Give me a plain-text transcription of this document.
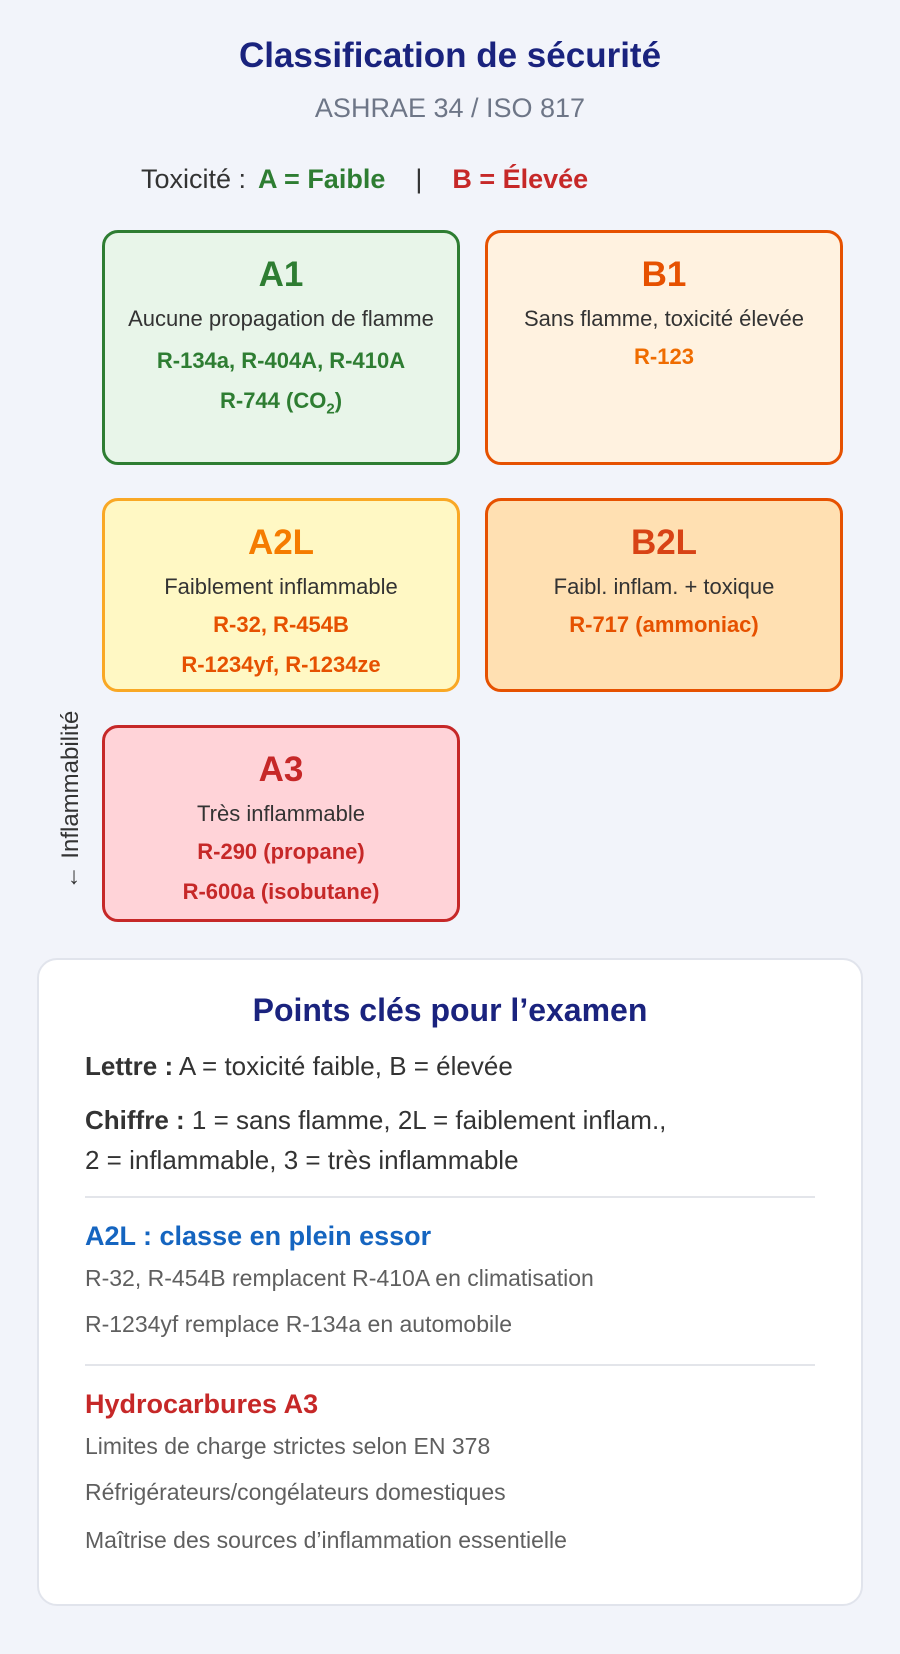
Classification de sécurité
ASHRAE 34 / ISO 817
Toxicité : A = Faible | B = Élevée
A1
Aucune propagation de flamme
R-134a, R-404A, R-410A
R-744 $(CO_2)$
B1
Sans flamme, toxicité élevée
R-123
A2L
Faiblement inflammable
R-32, R-454B
R-1234yf, R-1234ze
B2L
Faibl. inflam. + toxique
R-717 (ammoniac)
A3
Très inflammable
R-290 (propane)
R-600a (isobutane)
← Inflammabilité
Points clés pour l’examen
Lettre : A = toxicité faible, B = élevée
Chiffre : 1 = sans flamme, 2L = faiblement inflam.,
2 = inflammable, 3 = très inflammable
A2L : classe en plein essor
R-32, R-454B remplacent R-410A en climatisation
R-1234yf remplace R-134a en automobile
Hydrocarbures A3
Limites de charge strictes selon EN 378
Réfrigérateurs/congélateurs domestiques
Maîtrise des sources d’inflammation essentielle
